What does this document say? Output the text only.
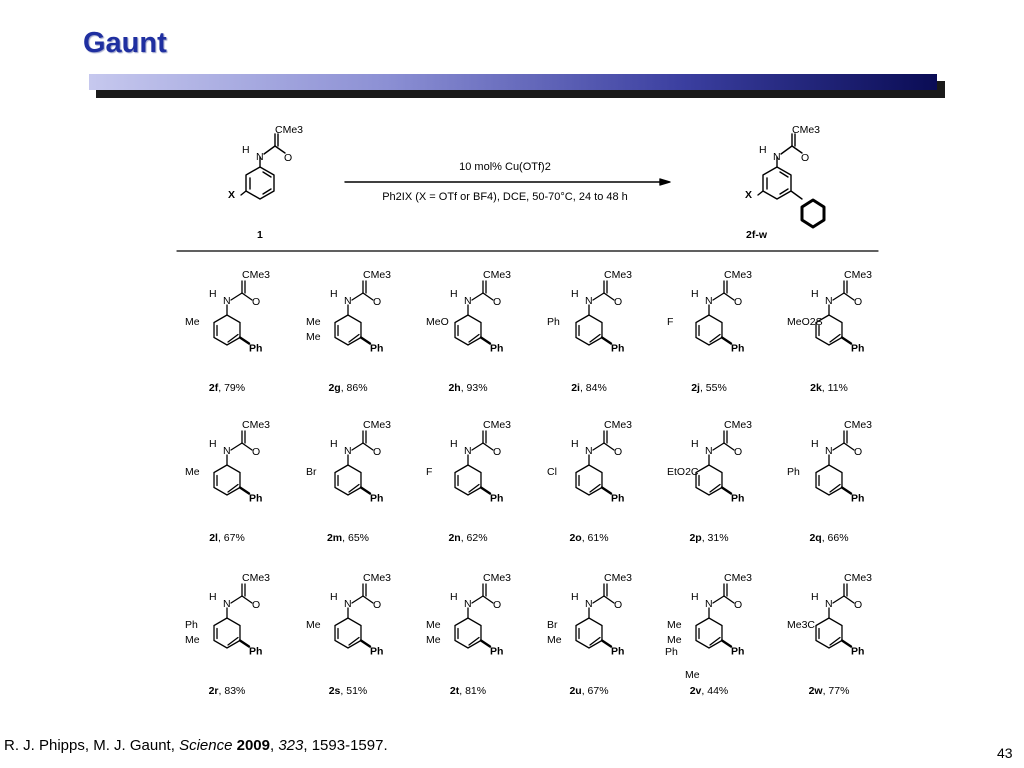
Gaunt
CMe3
H
N O
X
1
10 mol% Cu(OTf)2
Ph2IX (X = OTf or BF4), DCE, 50-70°C, 24 to 48 h
CMe3
H
N O
X
2f-w
CMe3
H
N O
Me
Ph
2f, 79%
CMe3
H
N O
Me
Me
Ph
2g, 86%
CMe3
H
N O
MeO
Ph
2h, 93%
CMe3
H
N O
Ph
Ph
2i, 84%
CMe3
H
N O
F
Ph
2j, 55%
CMe3
H
N O
MeO2S
Ph
2k, 11%
CMe3
H
N O
Me
Ph
2l, 67%
CMe3
H
N O
Br
Ph
2m, 65%
CMe3
H
N O
F
Ph
2n, 62%
CMe3
H
N O
Cl
Ph
2o, 61%
CMe3
H
N O
EtO2C
Ph
2p, 31%
CMe3
H
N O
Ph
Ph
2q, 66%
CMe3
H
N O
Ph
Me
Ph
2r, 83%
CMe3
H
N O
Me
Ph
2s, 51%
CMe3
H
N O
Me
Me
Ph
2t, 81%
CMe3
H
N O
Br
Me
Ph
2u, 67%
CMe3
H
N O
Me
Me
Ph
Me
Ph
2v, 44%
CMe3
H
N O
Me3C
Ph
2w, 77%
R. J. Phipps, M. J. Gaunt, Science 2009, 323, 1593-1597.	43
